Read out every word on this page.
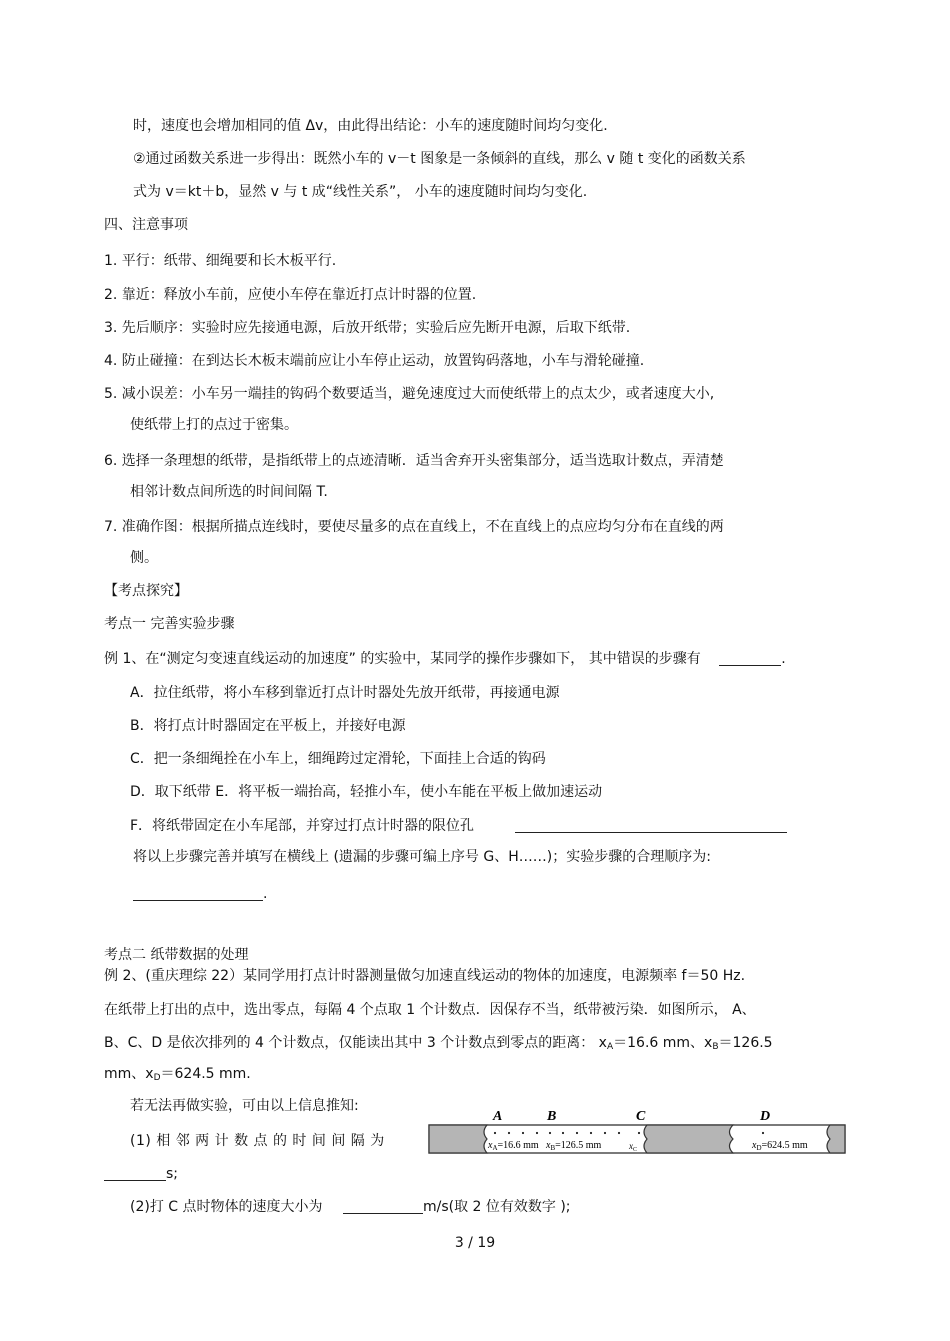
时，速度也会增加相同的值 Δv，由此得出结论：小车的速度随时间均匀变化.
②通过函数关系进一步得出：既然小车的 v－t 图象是一条倾斜的直线，那么 v 随 t 变化的函数关系
式为 v＝kt＋b，显然 v 与 t 成“线性关系”， 小车的速度随时间均匀变化.
四、注意事项
1. 平行：纸带、细绳要和长木板平行.
2. 靠近：释放小车前，应使小车停在靠近打点计时器的位置.
3. 先后顺序：实验时应先接通电源，后放开纸带；实验后应先断开电源，后取下纸带.
4. 防止碰撞：在到达长木板末端前应让小车停止运动，放置钩码落地，小车与滑轮碰撞.
5. 减小误差：小车另一端挂的钩码个数要适当，避免速度过大而使纸带上的点太少，或者速度大小,
使纸带上打的点过于密集。
6. 选择一条理想的纸带，是指纸带上的点迹清晰．适当舍弃开头密集部分，适当选取计数点，弄清楚
相邻计数点间所选的时间间隔 T.
7. 准确作图：根据所描点连线时，要使尽量多的点在直线上，不在直线上的点应均匀分布在直线的两
侧。
【考点探究】
考点一 完善实验步骤
例 1、在“测定匀变速直线运动的加速度” 的实验中，某同学的操作步骤如下， 其中错误的步骤有	.
A．拉住纸带，将小车移到靠近打点计时器处先放开纸带，再接通电源
B．将打点计时器固定在平板上，并接好电源
C．把一条细绳拴在小车上，细绳跨过定滑轮，下面挂上合适的钩码
D．取下纸带 E．将平板一端抬高，轻推小车，使小车能在平板上做加速运动
F．将纸带固定在小车尾部，并穿过打点计时器的限位孔
将以上步骤完善并填写在横线上 (遗漏的步骤可编上序号 G、H……)；实验步骤的合理顺序为:
.
考点二 纸带数据的处理
例 2、(重庆理综 22）某同学用打点计时器测量做匀加速直线运动的物体的加速度，电源频率 f＝50 Hz.
在纸带上打出的点中，选出零点，每隔 4 个点取 1 个计数点．因保存不当，纸带被污染．如图所示， A、
B、C、D 是依次排列的 4 个计数点，仅能读出其中 3 个计数点到零点的距离： $x_A=16.6$ mm、$x_B=126.5$
mm、$x_D=624.5$ mm.
若无法再做实验，可由以上信息推知:
(1) 相 邻 两 计 数 点 的 时 间 间 隔 为
s;
(2)打 C 点时物体的速度大小为	m/s(取 2 位有效数字 );
A	B	C	D
$x_A=16.6$ mm $x_B=126.5$ mm	$x_C$	$x_D=624.5$ mm
3 / 19
